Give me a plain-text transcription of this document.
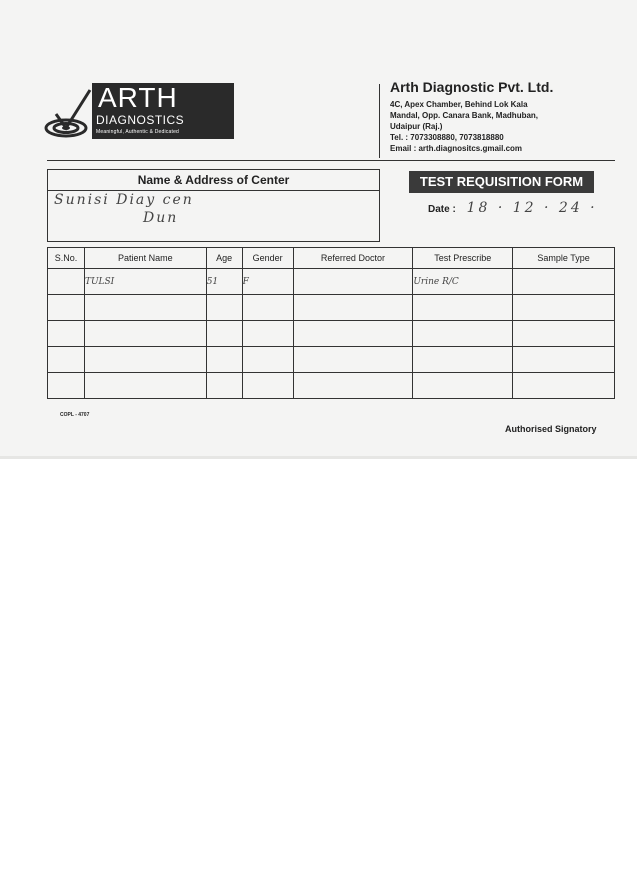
ARTH
DIAGNOSTICS
Meaningful, Authentic & Dedicated
Arth Diagnostic Pvt. Ltd.
4C, Apex Chamber, Behind Lok Kala
Mandal, Opp. Canara Bank, Madhuban,
Udaipur (Raj.)
Tel. : 7073308880, 7073818880
Email : arth.diagnositcs.gmail.com
Name & Address of Center
Sunisi Diay cen
Dun
TEST REQUISITION FORM
Date : 18 · 12 · 24 ·
S.No.	Patient Name	Age	Gender	Referred Doctor	Test Prescribe	Sample Type
	TULSI	51	F		Urine R/C	

COPL - 4707
Authorised Signatory
